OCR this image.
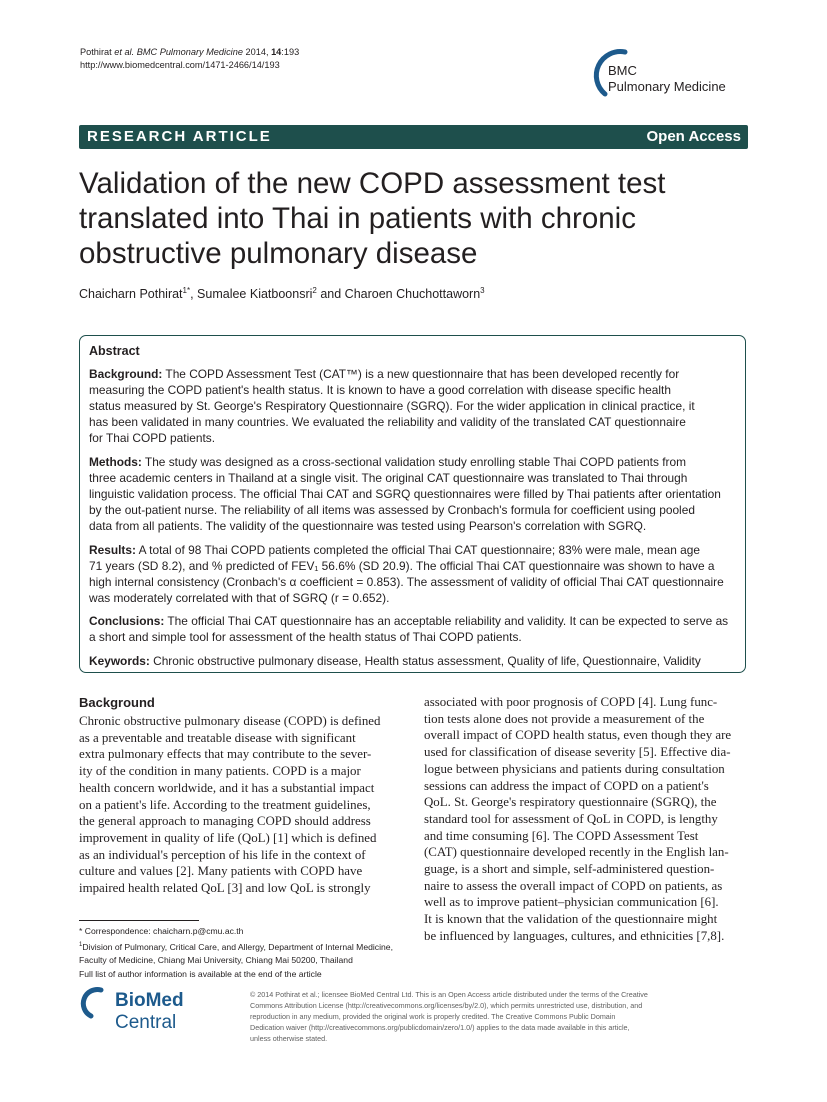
Pothirat et al. BMC Pulmonary Medicine 2014, 14:193
http://www.biomedcentral.com/1471-2466/14/193	BMC
Pulmonary Medicine
RESEARCH ARTICLE	Open Access
Validation of the new COPD assessment test
translated into Thai in patients with chronic
obstructive pulmonary disease
Chaicharn Pothirat$^{1*}$, Sumalee Kiatboonsri$^2$ and Charoen Chuchottaworn$^3$
Abstract
Background: The COPD Assessment Test (CAT™) is a new questionnaire that has been developed recently for
measuring the COPD patient's health status. It is known to have a good correlation with disease specific health
status measured by St. George's Respiratory Questionnaire (SGRQ). For the wider application in clinical practice, it
has been validated in many countries. We evaluated the reliability and validity of the translated CAT questionnaire
for Thai COPD patients.
Methods: The study was designed as a cross-sectional validation study enrolling stable Thai COPD patients from
three academic centers in Thailand at a single visit. The original CAT questionnaire was translated to Thai through
linguistic validation process. The official Thai CAT and SGRQ questionnaires were filled by Thai patients after orientation
by the out-patient nurse. The reliability of all items was assessed by Cronbach's formula for coefficient using pooled
data from all patients. The validity of the questionnaire was tested using Pearson's correlation with SGRQ.
Results: A total of 98 Thai COPD patients completed the official Thai CAT questionnaire; 83% were male, mean age
71 years (SD 8.2), and % predicted of FEV₁ 56.6% (SD 20.9). The official Thai CAT questionnaire was shown to have a
high internal consistency (Cronbach's α coefficient = 0.853). The assessment of validity of official Thai CAT questionnaire
was moderately correlated with that of SGRQ (r = 0.652).
Conclusions: The official Thai CAT questionnaire has an acceptable reliability and validity. It can be expected to serve as
a short and simple tool for assessment of the health status of Thai COPD patients.
Keywords: Chronic obstructive pulmonary disease, Health status assessment, Quality of life, Questionnaire, Validity
Background
Chronic obstructive pulmonary disease (COPD) is defined
as a preventable and treatable disease with significant
extra pulmonary effects that may contribute to the sever-
ity of the condition in many patients. COPD is a major
health concern worldwide, and it has a substantial impact
on a patient's life. According to the treatment guidelines,
the general approach to managing COPD should address
improvement in quality of life (QoL) [1] which is defined
as an individual's perception of his life in the context of
culture and values [2]. Many patients with COPD have
impaired health related QoL [3] and low QoL is strongly
associated with poor prognosis of COPD [4]. Lung func-
tion tests alone does not provide a measurement of the
overall impact of COPD health status, even though they are
used for classification of disease severity [5]. Effective dia-
logue between physicians and patients during consultation
sessions can address the impact of COPD on a patient's
QoL. St. George's respiratory questionnaire (SGRQ), the
standard tool for assessment of QoL in COPD, is lengthy
and time consuming [6]. The COPD Assessment Test
(CAT) questionnaire developed recently in the English lan-
guage, is a short and simple, self-administered question-
naire to assess the overall impact of COPD on patients, as
well as to improve patient–physician communication [6].
It is known that the validation of the questionnaire might
be influenced by languages, cultures, and ethnicities [7,8].
* Correspondence: chaicharn.p@cmu.ac.th
$^1$Division of Pulmonary, Critical Care, and Allergy, Department of Internal Medicine,
Faculty of Medicine, Chiang Mai University, Chiang Mai 50200, Thailand
Full list of author information is available at the end of the article
BioMed Central
© 2014 Pothirat et al.; licensee BioMed Central Ltd. This is an Open Access article distributed under the terms of the Creative
Commons Attribution License (http://creativecommons.org/licenses/by/2.0), which permits unrestricted use, distribution, and
reproduction in any medium, provided the original work is properly credited. The Creative Commons Public Domain
Dedication waiver (http://creativecommons.org/publicdomain/zero/1.0/) applies to the data made available in this article,
unless otherwise stated.
